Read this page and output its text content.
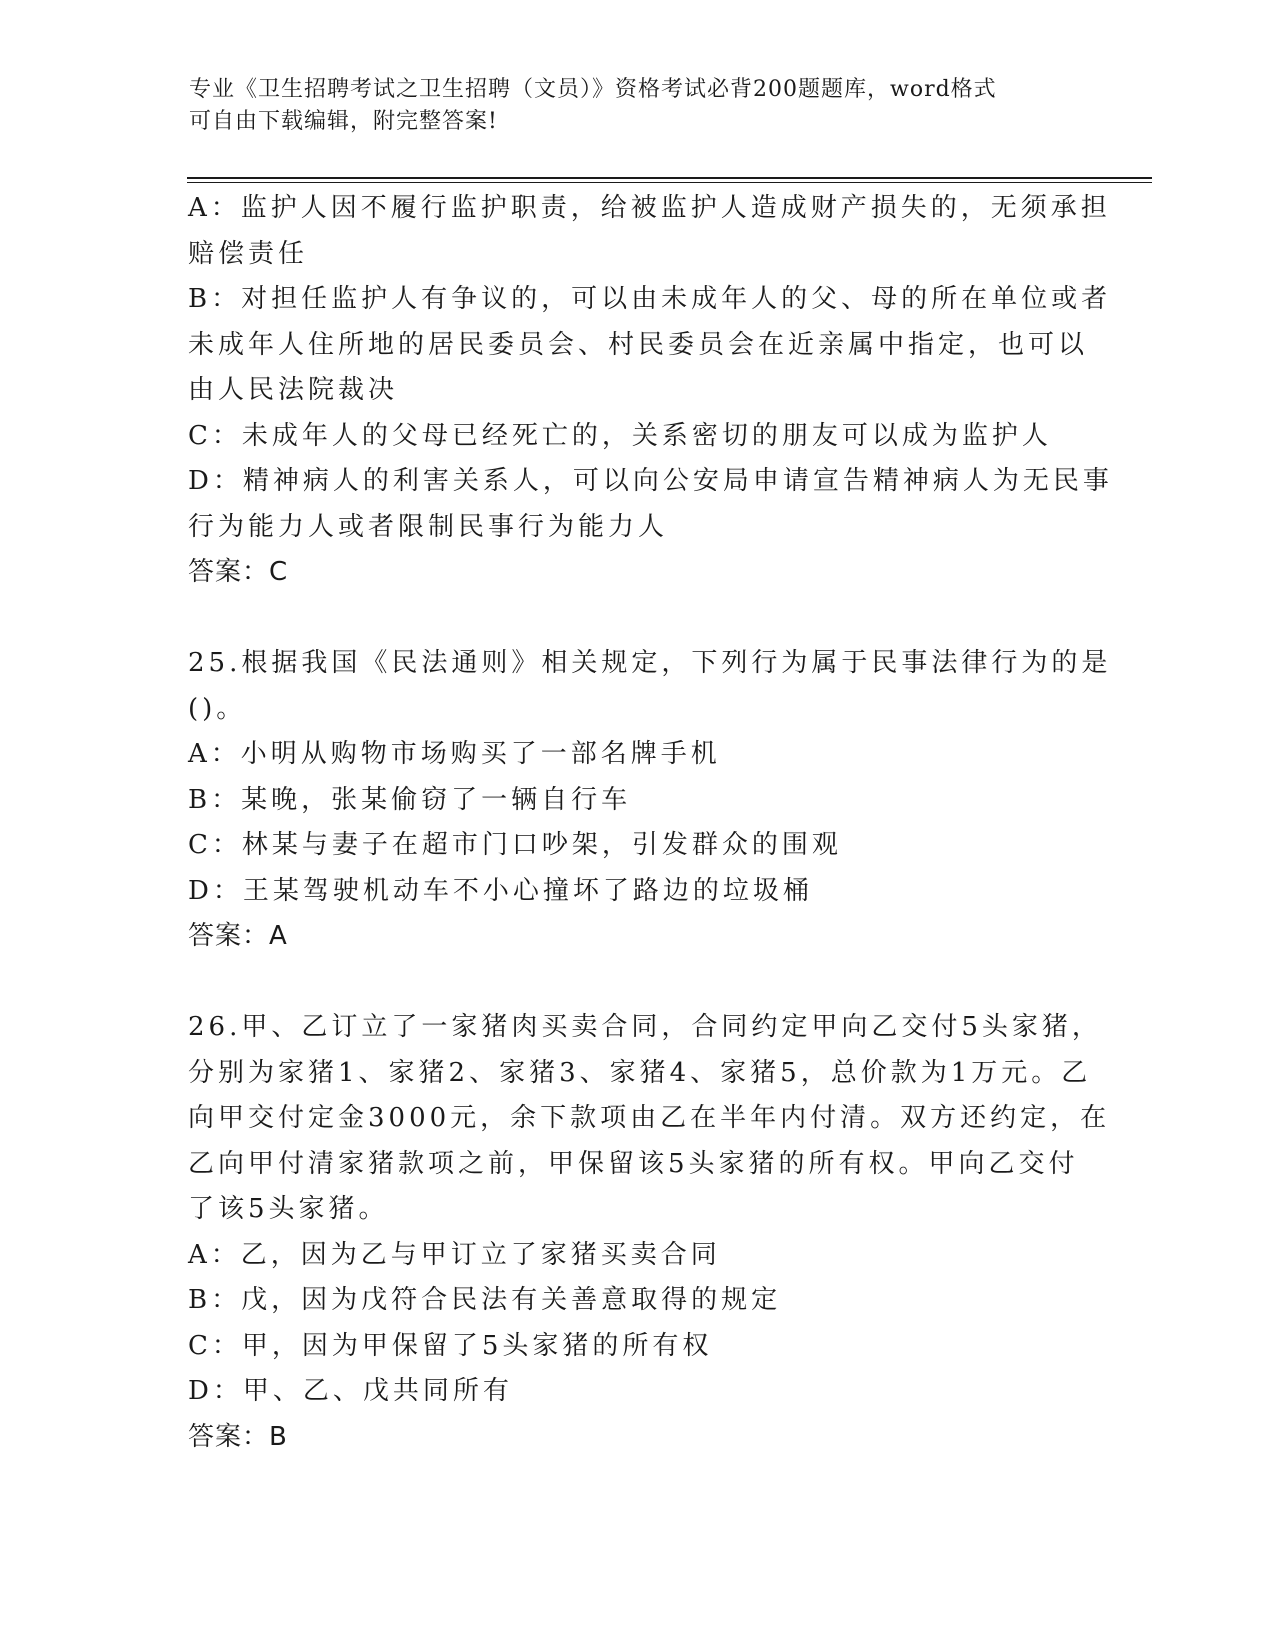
专业《卫生招聘考试之卫生招聘（文员）》资格考试必背200题题库，word格式
可自由下载编辑，附完整答案!
A：监护人因不履行监护职责，给被监护人造成财产损失的，无须承担
赔偿责任
B：对担任监护人有争议的，可以由未成年人的父、母的所在单位或者
未成年人住所地的居民委员会、村民委员会在近亲属中指定，也可以
由人民法院裁决
C：未成年人的父母已经死亡的，关系密切的朋友可以成为监护人
D：精神病人的利害关系人，可以向公安局申请宣告精神病人为无民事
行为能力人或者限制民事行为能力人
答案：C
25.根据我国《民法通则》相关规定，下列行为属于民事法律行为的是
()。
A：小明从购物市场购买了一部名牌手机
B：某晚，张某偷窃了一辆自行车
C：林某与妻子在超市门口吵架，引发群众的围观
D：王某驾驶机动车不小心撞坏了路边的垃圾桶
答案：A
26.甲、乙订立了一家猪肉买卖合同，合同约定甲向乙交付5头家猪，
分别为家猪1、家猪2、家猪3、家猪4、家猪5，总价款为1万元。乙
向甲交付定金3000元，余下款项由乙在半年内付清。双方还约定，在
乙向甲付清家猪款项之前，甲保留该5头家猪的所有权。甲向乙交付
了该5头家猪。
A：乙，因为乙与甲订立了家猪买卖合同
B：戊，因为戊符合民法有关善意取得的规定
C：甲，因为甲保留了5头家猪的所有权
D：甲、乙、戊共同所有
答案：B
